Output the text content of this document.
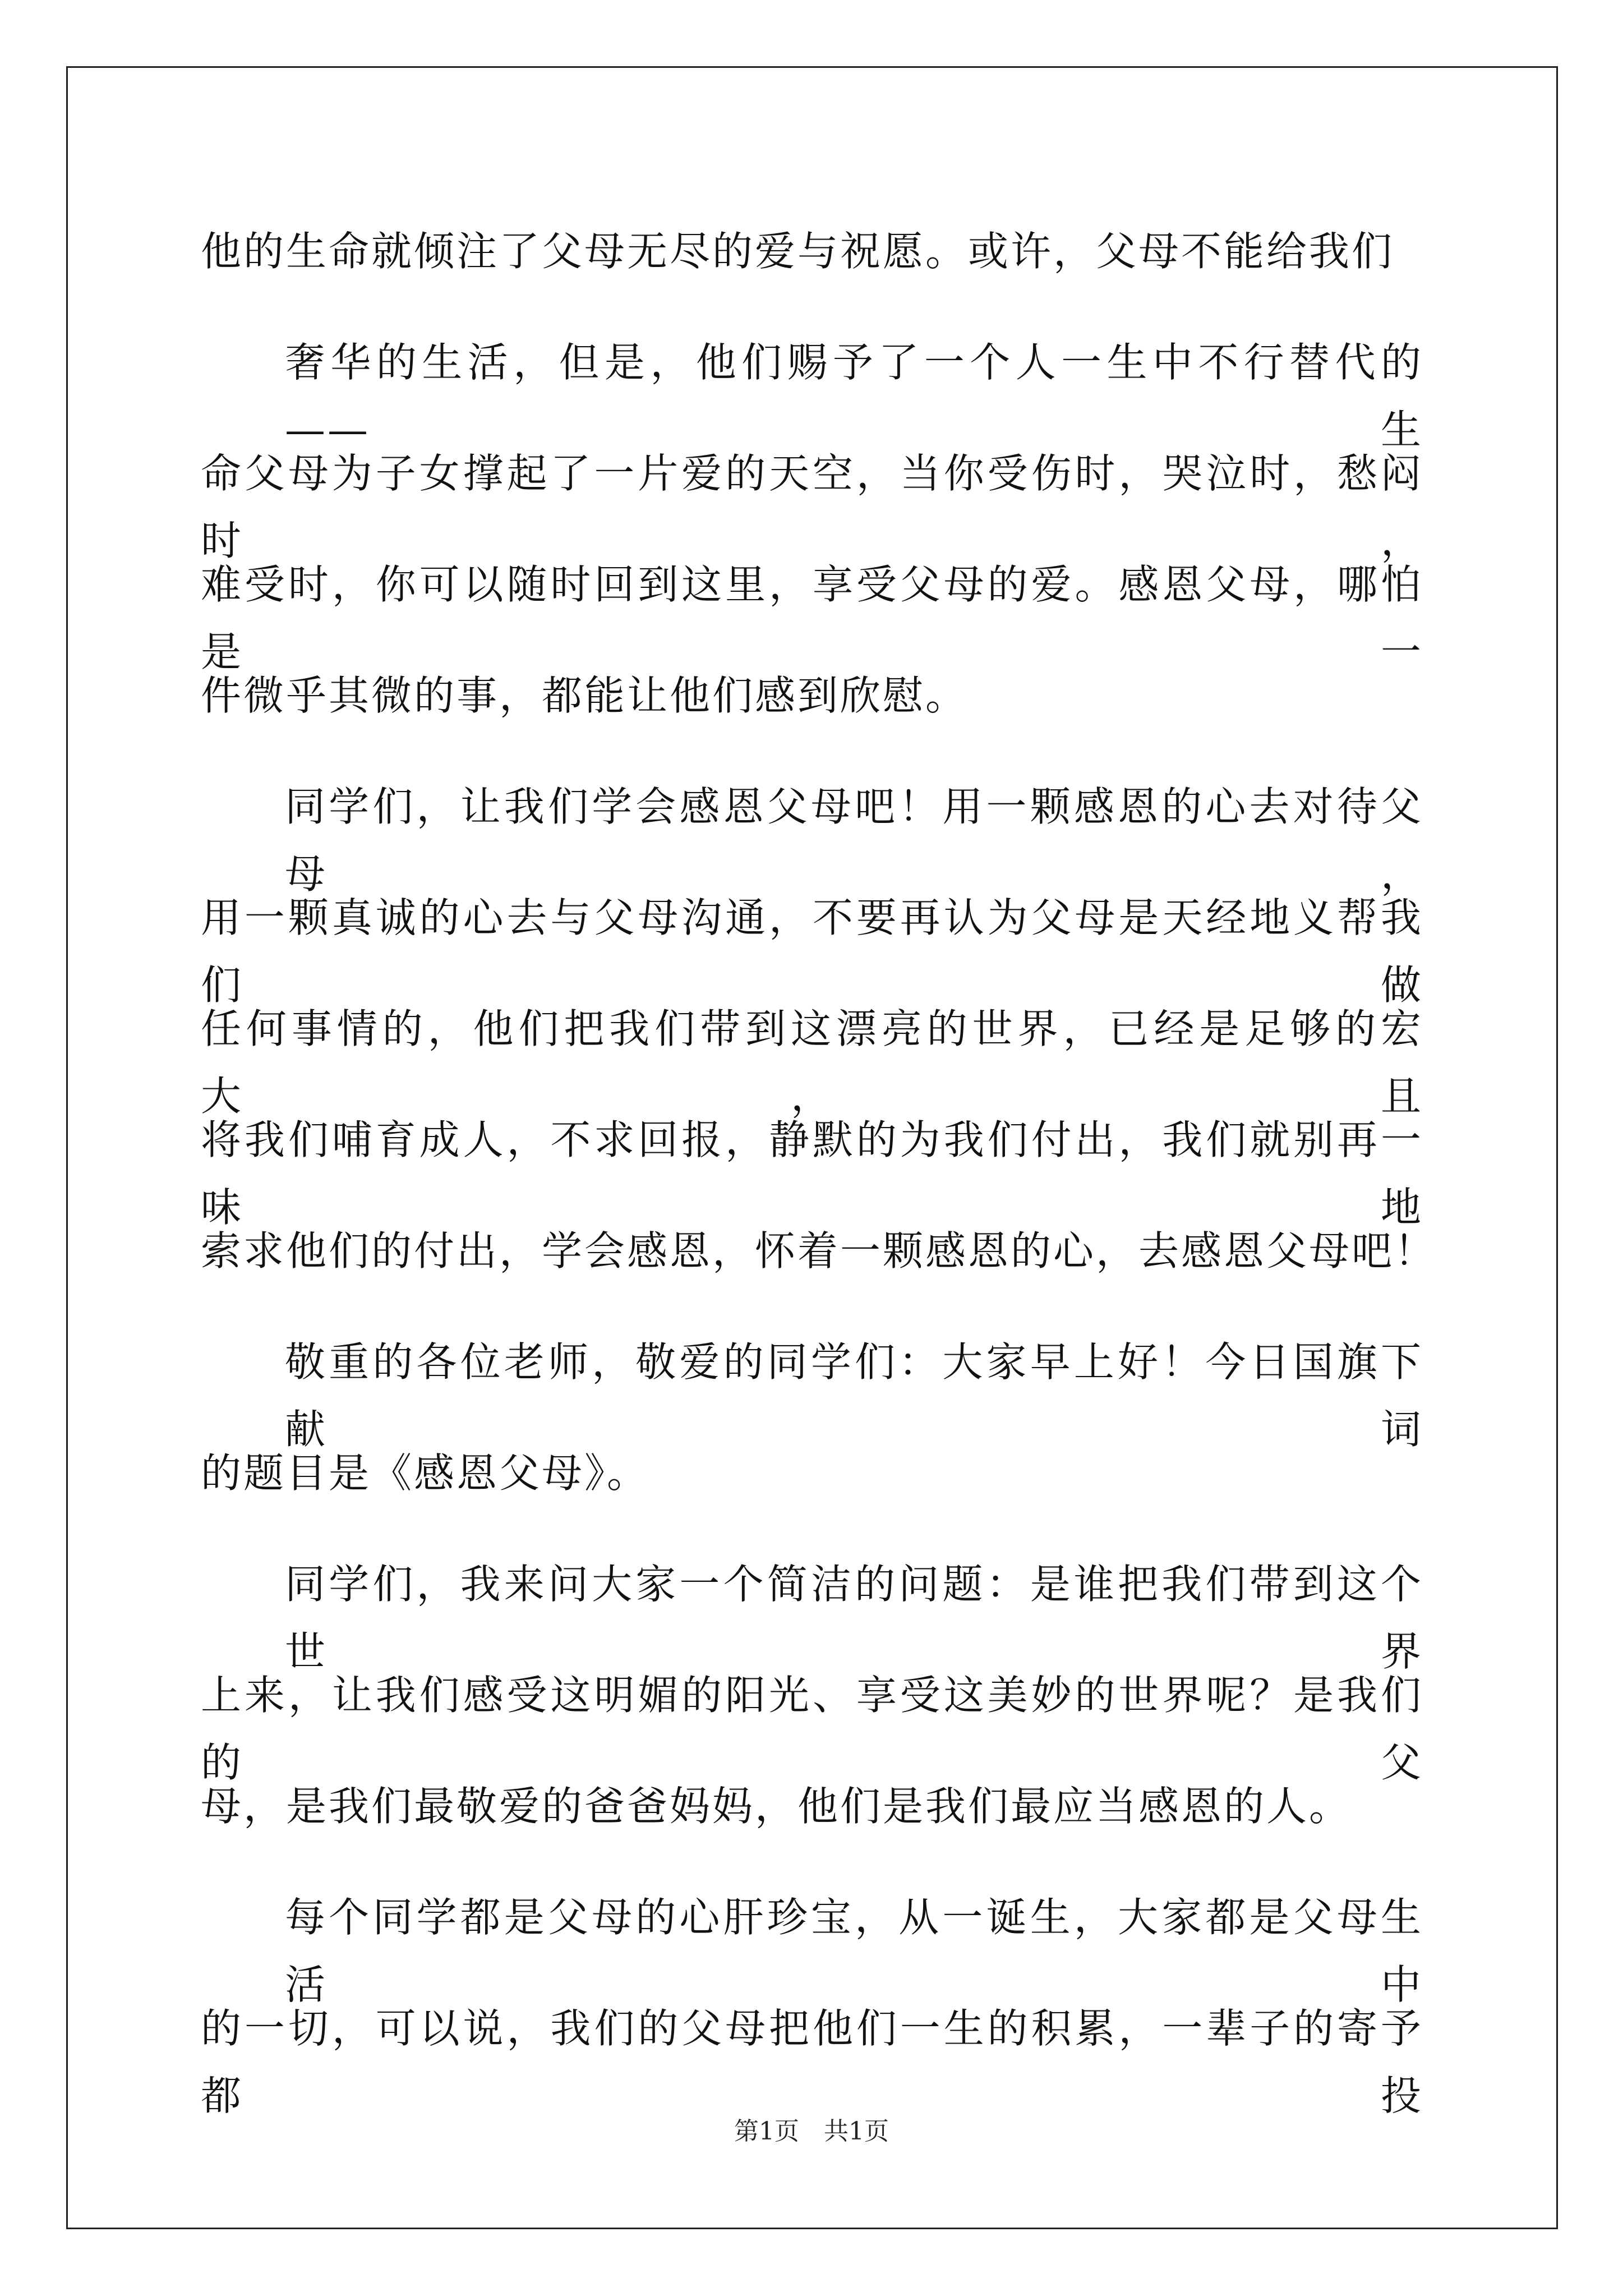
他的生命就倾注了父母无尽的爱与祝愿。或许，父母不能给我们
奢华的生活，但是，他们赐予了一个人一生中不行替代的——生
命父母为子女撑起了一片爱的天空，当你受伤时，哭泣时，愁闷时，
难受时，你可以随时回到这里，享受父母的爱。感恩父母，哪怕是一
件微乎其微的事，都能让他们感到欣慰。
同学们，让我们学会感恩父母吧！用一颗感恩的心去对待父母，
用一颗真诚的心去与父母沟通，不要再认为父母是天经地义帮我们做
任何事情的，他们把我们带到这漂亮的世界，已经是足够的宏大，且
将我们哺育成人，不求回报，静默的为我们付出，我们就别再一味地
索求他们的付出，学会感恩，怀着一颗感恩的心，去感恩父母吧！
敬重的各位老师，敬爱的同学们：大家早上好！今日国旗下献词
的题目是《感恩父母》。
同学们，我来问大家一个简洁的问题：是谁把我们带到这个世界
上来，让我们感受这明媚的阳光、享受这美妙的世界呢？是我们的父
母，是我们最敬爱的爸爸妈妈，他们是我们最应当感恩的人。
每个同学都是父母的心肝珍宝，从一诞生，大家都是父母生活中
的一切，可以说，我们的父母把他们一生的积累，一辈子的寄予都投
第1页　共1页
